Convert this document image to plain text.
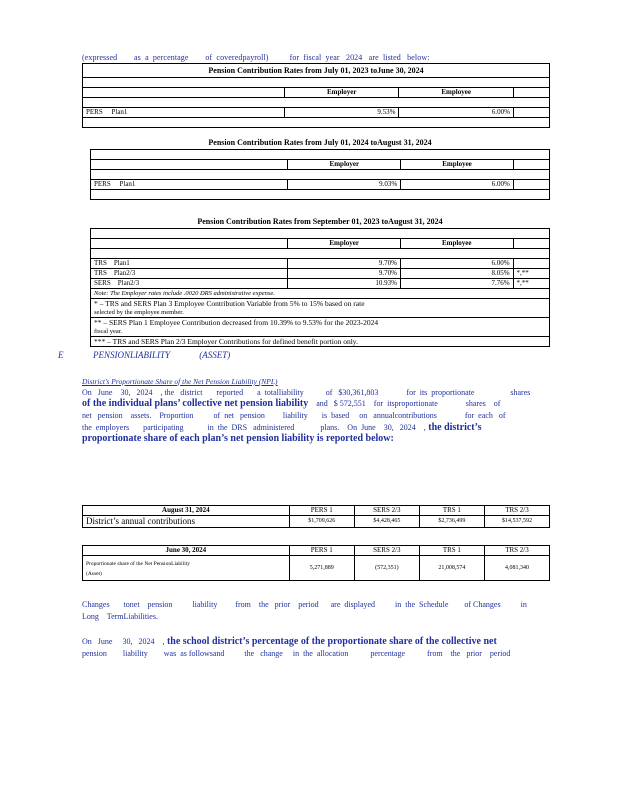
(expressed        as  a  percentage        of  coveredpayroll)          for  fiscal  year   2024   are  listed   below:
Pension Contribution Rates from July 01, 2023 toJune 30, 2024			

	Employer	Employee	

PERS Plan1	9.53%	6.00%	

Pension Contribution Rates from July 01, 2024 toAugust 31, 2024			

	Employer	Employee	

PERS Plan1	9.03%	6.00%	

Pension Contribution Rates from September 01, 2023 toAugust 31, 2024			

	Employer	Employee	

TRS Plan1	9.70%	6.00%	
TRS Plan2/3	9.70%	8.05%	*,**
SERS Plan2/3	10.93%	7.76%	*,**
Note: The Employer rates include .0020 DRS administrative expense.			
* – TRS and SERS Plan 3 Employee Contribution Variable from 5% to 15% based on rate			
selected by the employee member.			
** – SERS Plan 1 Employee Contribution decreased from 10.39% to 9.53% for the 2023-2024			
fiscal year.			
*** – TRS and SERS Plan 2/3 Employer Contributions for defined benefit portion only.			
E	PENSIONLIABILITY             (ASSET)
District’s Proportionate Share of the Net Pension Liability (NPL)
On   June    30,   2024    , the   district       reported       a  totalliability           of   $30,361,803              for  its  proportionate                  shares
of the individual plans’ collective net pension liability    and   $ 572,551    for  itsproportionate              shares    of
net   pension    assets.    Proportion          of  net   pension         liability       is  based     on   annualcontributions              for  each   of
the  employers       participating            in  the  DRS   administered             plans.    On  June    30,   2024    , the district’s
proportionate share of each plan’s net pension liability is reported below:
August 31, 2024	PERS 1	SERS 2/3	TRS 1	TRS 2/3
District’s annual contributions	$1,709,626	$4,428,465	$2,736,499	$14,537,592
June 30, 2024	PERS 1	SERS 2/3	TRS 1	TRS 2/3
Proportionate share of the Net PensionLiability
(Asset)	5,271,889	(572,351)	21,008,574	4,081,340
Changes       tonet    pension          liability         from    the   prior    period      are  displayed          in  the  Schedule        of Changes          in
Long    TermLiabilities.
On   June     30,   2024    , the school district’s percentage of the proportionate share of the collective net
pension        liability        was  as followsand          the   change     in  the  allocation           percentage           from    the   prior    period
